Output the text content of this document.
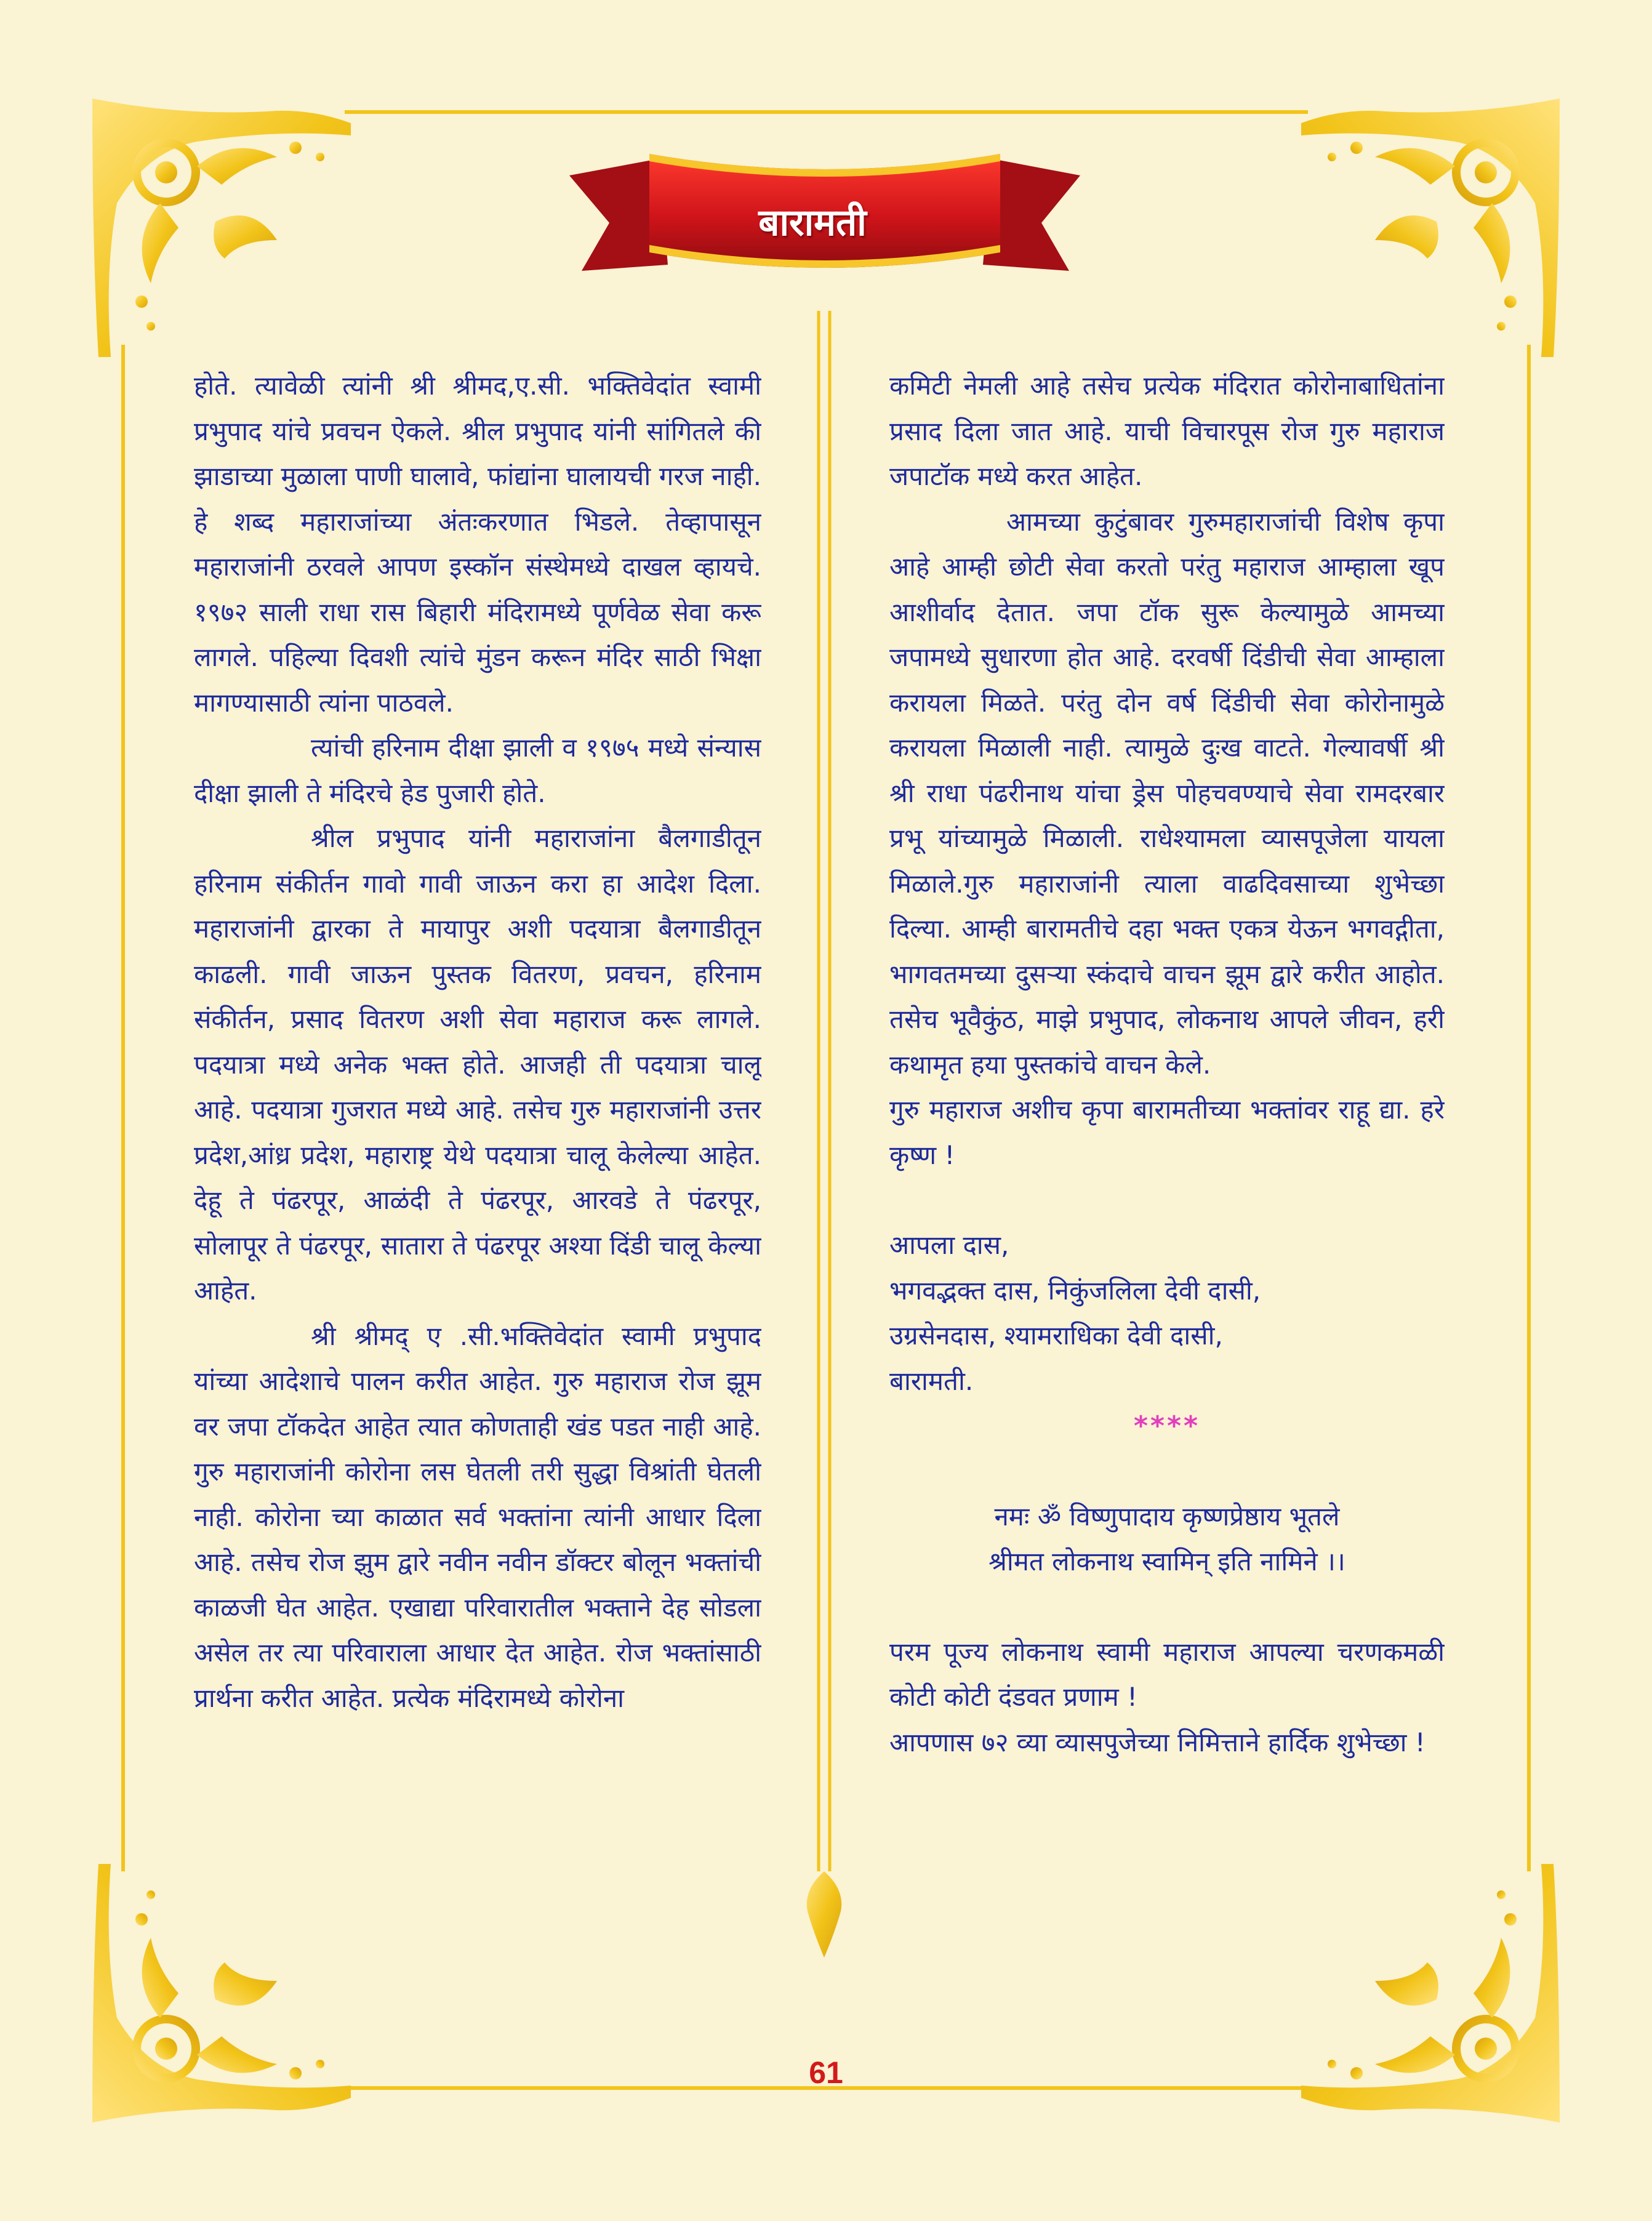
बारामती

होते. त्यावेळी त्यांनी श्री श्रीमद,ए.सी. भक्तिवेदांत स्वामी प्रभुपाद यांचे प्रवचन ऐकले. श्रील प्रभुपाद यांनी सांगितले की झाडाच्या मुळाला पाणी घालावे, फांद्यांना घालायची गरज नाही. हे शब्द महाराजांच्या अंतःकरणात भिडले. तेव्हापासून महाराजांनी ठरवले आपण इस्कॉन संस्थेमध्ये दाखल व्हायचे. १९७२ साली राधा रास बिहारी मंदिरामध्ये पूर्णवेळ सेवा करू लागले. पहिल्या दिवशी त्यांचे मुंडन करून मंदिर साठी भिक्षा मागण्यासाठी त्यांना पाठवले.

त्यांची हरिनाम दीक्षा झाली व १९७५ मध्ये संन्यास दीक्षा झाली ते मंदिरचे हेड पुजारी होते.

श्रील प्रभुपाद यांनी महाराजांना बैलगाडीतून हरिनाम संकीर्तन गावो गावी जाऊन करा हा आदेश दिला. महाराजांनी द्वारका ते मायापुर अशी पदयात्रा बैलगाडीतून काढली. गावी जाऊन पुस्तक वितरण, प्रवचन, हरिनाम संकीर्तन, प्रसाद वितरण अशी सेवा महाराज करू लागले. पदयात्रा मध्ये अनेक भक्त होते. आजही ती पदयात्रा चालू आहे. पदयात्रा गुजरात मध्ये आहे. तसेच गुरु महाराजांनी उत्तर प्रदेश,आंध्र प्रदेश, महाराष्ट्र येथे पदयात्रा चालू केलेल्या आहेत. देहू ते पंढरपूर, आळंदी ते पंढरपूर, आरवडे ते पंढरपूर, सोलापूर ते पंढरपूर, सातारा ते पंढरपूर अश्या दिंडी चालू केल्या आहेत.

श्री श्रीमद् ए .सी.भक्तिवेदांत स्वामी प्रभुपाद यांच्या आदेशाचे पालन करीत आहेत. गुरु महाराज रोज झूम वर जपा टॉकदेत आहेत त्यात कोणताही खंड पडत नाही आहे. गुरु महाराजांनी कोरोना लस घेतली तरी सुद्धा विश्रांती घेतली नाही. कोरोना च्या काळात सर्व भक्तांना त्यांनी आधार दिला आहे. तसेच रोज झुम द्वारे नवीन नवीन डॉक्टर बोलून भक्तांची काळजी घेत आहेत. एखाद्या परिवारातील भक्ताने देह सोडला असेल तर त्या परिवाराला आधार देत आहेत. रोज भक्तांसाठी प्रार्थना करीत आहेत. प्रत्येक मंदिरामध्ये कोरोना

कमिटी नेमली आहे तसेच प्रत्येक मंदिरात कोरोनाबाधितांना प्रसाद दिला जात आहे. याची विचारपूस रोज गुरु महाराज जपाटॉक मध्ये करत आहेत.

आमच्या कुटुंबावर गुरुमहाराजांची विशेष कृपा आहे आम्ही छोटी सेवा करतो परंतु महाराज आम्हाला खूप आशीर्वाद देतात. जपा टॉक सुरू केल्यामुळे आमच्या जपामध्ये सुधारणा होत आहे. दरवर्षी दिंडीची सेवा आम्हाला करायला मिळते. परंतु दोन वर्ष दिंडीची सेवा कोरोनामुळे करायला मिळाली नाही. त्यामुळे दुःख वाटते. गेल्यावर्षी श्री श्री राधा पंढरीनाथ यांचा ड्रेस पोहचवण्याचे सेवा रामदरबार प्रभू यांच्यामुळे मिळाली. राधेश्यामला व्यासपूजेला यायला मिळाले.गुरु महाराजांनी त्याला वाढदिवसाच्या शुभेच्छा दिल्या. आम्ही बारामतीचे दहा भक्त एकत्र येऊन भगवद्गीता, भागवतमच्या दुसऱ्या स्कंदाचे वाचन झूम द्वारे करीत आहोत. तसेच भूवैकुंठ, माझे प्रभुपाद, लोकनाथ आपले जीवन, हरी कथामृत हया पुस्तकांचे वाचन केले.

गुरु महाराज अशीच कृपा बारामतीच्या भक्तांवर राहू द्या. हरे कृष्ण !

आपला दास,

भगवद्भक्त दास, निकुंजलिला देवी दासी,

उग्रसेनदास, श्यामराधिका देवी दासी,

बारामती.

****

नमः ॐ विष्णुपादाय कृष्णप्रेष्ठाय भूतले

श्रीमत लोकनाथ स्वामिन् इति नामिने ।।

परम पूज्य लोकनाथ स्वामी महाराज आपल्या चरणकमळी कोटी कोटी दंडवत प्रणाम !

आपणास ७२ व्या व्यासपुजेच्या निमित्ताने हार्दिक शुभेच्छा !

61
